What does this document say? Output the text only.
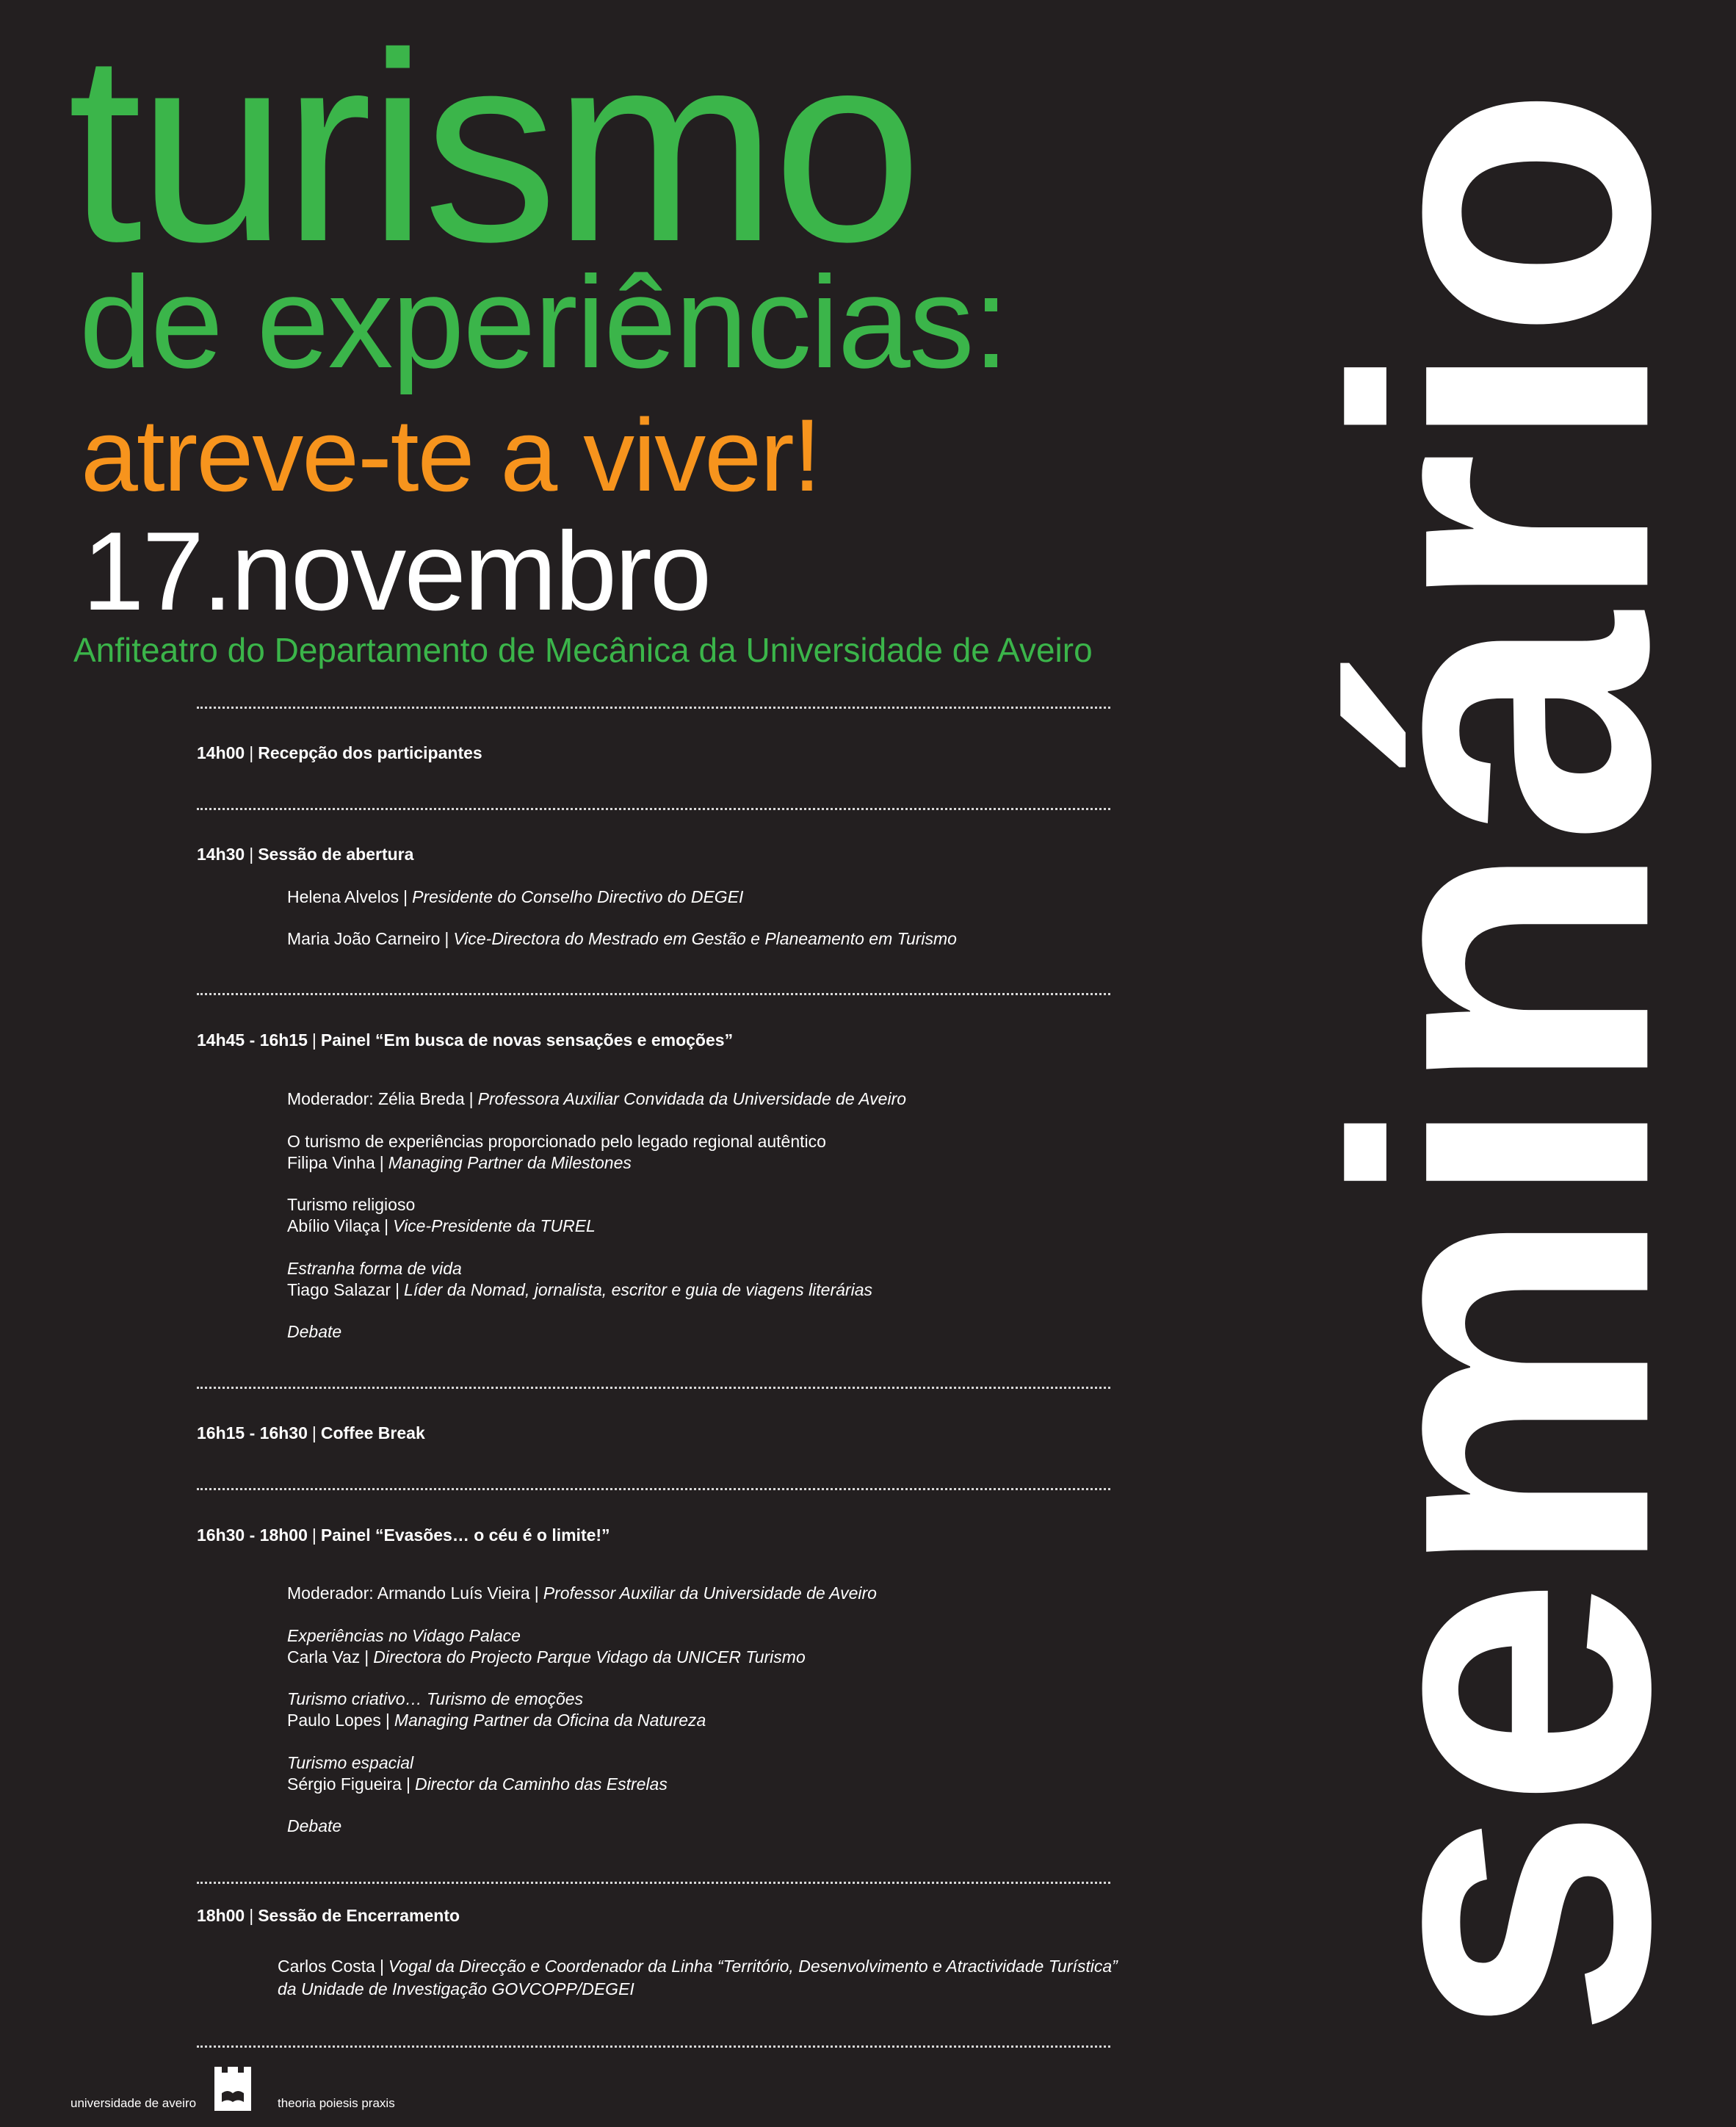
turismo
de experiências:
atreve-te a viver!
17.novembro
Anfiteatro do Departamento de Mecânica da Universidade de Aveiro seminário
14h00 | Recepção dos participantes
14h30 | Sessão de abertura
Helena Alvelos | Presidente do Conselho Directivo do DEGEI
Maria João Carneiro | Vice-Directora do Mestrado em Gestão e Planeamento em Turismo
14h45 - 16h15 | Painel “Em busca de novas sensações e emoções”
Moderador: Zélia Breda | Professora Auxiliar Convidada da Universidade de Aveiro
O turismo de experiências proporcionado pelo legado regional autêntico
Filipa Vinha | Managing Partner da Milestones
Turismo religioso
Abílio Vilaça | Vice-Presidente da TUREL
Estranha forma de vida
Tiago Salazar | Líder da Nomad, jornalista, escritor e guia de viagens literárias
Debate
16h15 - 16h30 | Coffee Break
16h30 - 18h00 | Painel “Evasões… o céu é o limite!”
Moderador: Armando Luís Vieira | Professor Auxiliar da Universidade de Aveiro
Experiências no Vidago Palace
Carla Vaz | Directora do Projecto Parque Vidago da UNICER Turismo
Turismo criativo… Turismo de emoções
Paulo Lopes | Managing Partner da Oficina da Natureza
Turismo espacial
Sérgio Figueira | Director da Caminho das Estrelas
Debate
18h00 | Sessão de Encerramento
Carlos Costa | Vogal da Direcção e Coordenador da Linha “Território, Desenvolvimento e Atractividade Turística”
da Unidade de Investigação GOVCOPP/DEGEI
universidade de aveiro	theoria poiesis praxis
